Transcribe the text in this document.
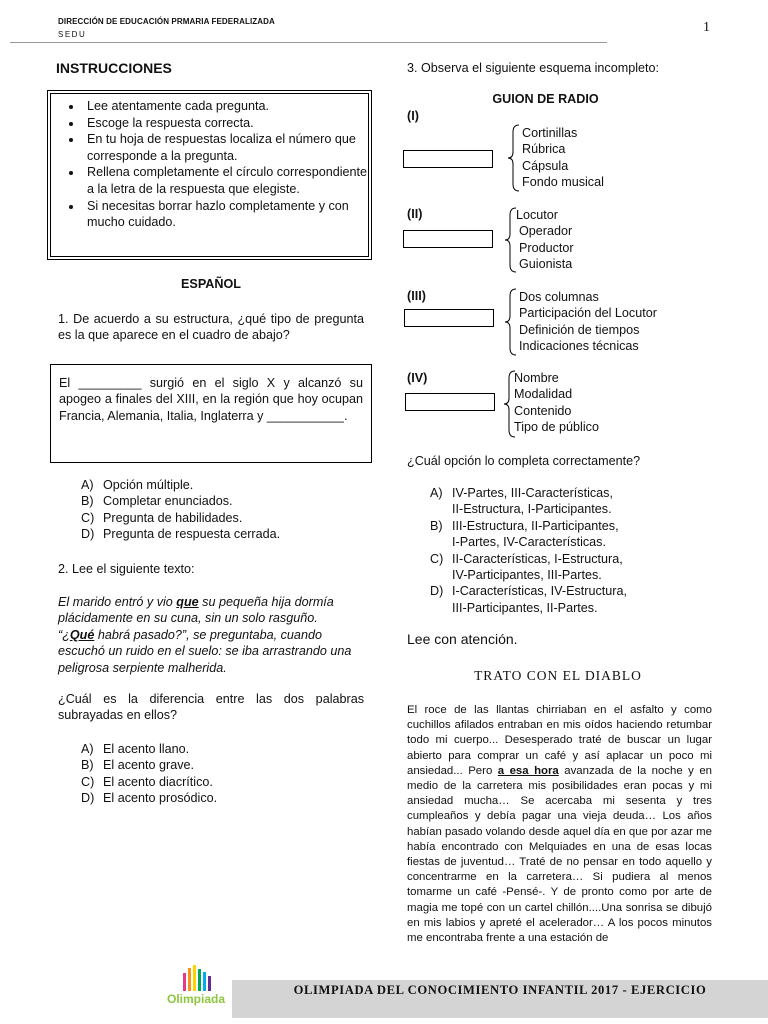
DIRECCIÓN DE EDUCACIÓN PRMARIA FEDERALIZADA
SEDU	1
INSTRUCCIONES
• Lee atentamente cada pregunta.
• Escoge la respuesta correcta.
• En tu hoja de respuestas localiza el número que corresponde a la pregunta.
• Rellena completamente el círculo correspondiente a la letra de la respuesta que elegiste.
• Si necesitas borrar hazlo completamente y con mucho cuidado.
ESPAÑOL
1. De acuerdo a su estructura, ¿qué tipo de pregunta es la que aparece en el cuadro de abajo?
El _________ surgió en el siglo X y alcanzó su apogeo a finales del XIII, en la región que hoy ocupan Francia, Alemania, Italia, Inglaterra y ___________.
A) Opción múltiple.
B) Completar enunciados.
C) Pregunta de habilidades.
D) Pregunta de respuesta cerrada.
2. Lee el siguiente texto:
El marido entró y vio que su pequeña hija dormía plácidamente en su cuna, sin un solo rasguño.
“¿Qué habrá pasado?”, se preguntaba, cuando escuchó un ruido en el suelo: se iba arrastrando una peligrosa serpiente malherida.
¿Cuál es la diferencia entre las dos palabras subrayadas en ellos?
A) El acento llano.
B) El acento grave.
C) El acento diacrítico.
D) El acento prosódico.
3. Observa el siguiente esquema incompleto:
GUION DE RADIO
(I)
Cortinillas
Rúbrica
Cápsula
Fondo musical
(II)	Locutor
Operador
Productor
Guionista
(III)	Dos columnas
Participación del Locutor
Definición de tiempos
Indicaciones técnicas
(IV)	Nombre
Modalidad
Contenido
Tipo de público
¿Cuál opción lo completa correctamente?
A) IV-Partes, III-Características,
II-Estructura, I-Participantes.
B) III-Estructura, II-Participantes,
I-Partes, IV-Características.
C) II-Características, I-Estructura,
IV-Participantes, III-Partes.
D) I-Características, IV-Estructura,
III-Participantes, II-Partes.
Lee con atención.
TRATO CON EL DIABLO
El roce de las llantas chirriaban en el asfalto y como cuchillos afilados entraban en mis oídos haciendo retumbar todo mi cuerpo... Desesperado traté de buscar un lugar abierto para comprar un café y así aplacar un poco mi ansiedad... Pero a esa hora avanzada de la noche y en medio de la carretera mis posibilidades eran pocas y mi ansiedad mucha… Se acercaba mi sesenta y tres cumpleaños y debía pagar una vieja deuda… Los años habían pasado volando desde aquel día en que por azar me había encontrado con Melquiades en una de esas locas fiestas de juventud… Traté de no pensar en todo aquello y concentrarme en la carretera… Si pudiera al menos tomarme un café -Pensé-. Y de pronto como por arte de magia me topé con un cartel chillón....Una sonrisa se dibujó en mis labios y apreté el acelerador… A los pocos minutos me encontraba frente a una estación de
Olimpiada
OLIMPIADA DEL CONOCIMIENTO INFANTIL 2017 - EJERCICIO
